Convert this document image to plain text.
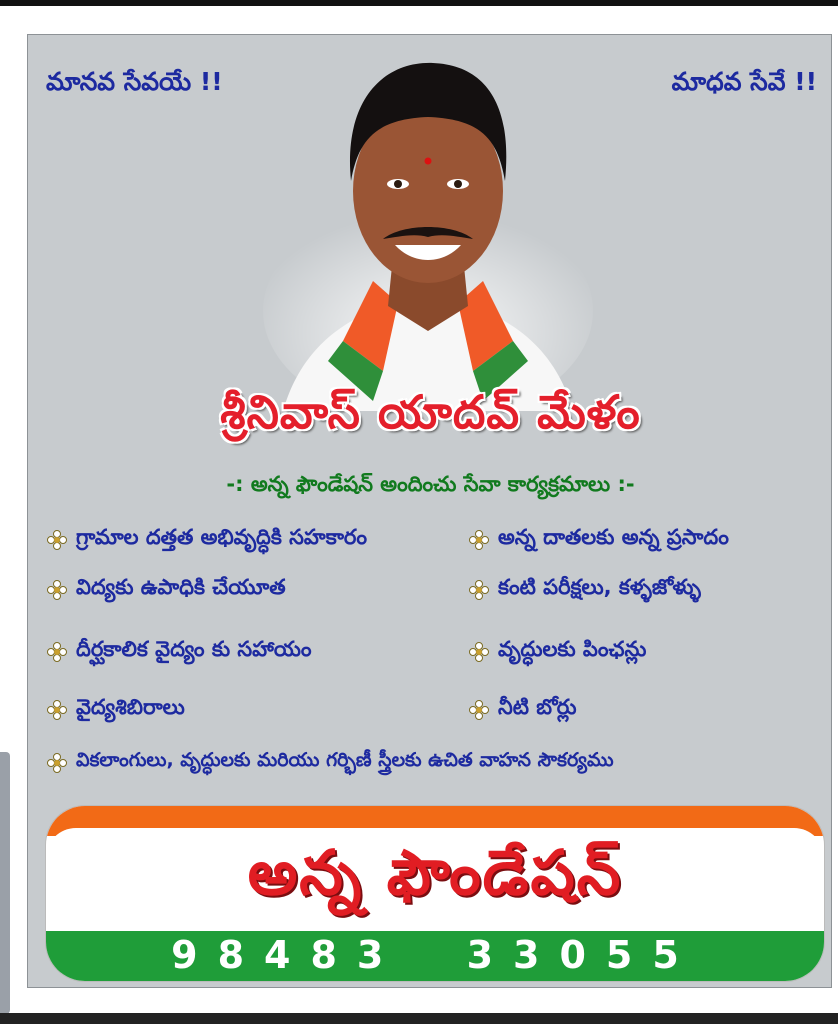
మానవ సేవయే !!	మాధవ సేవే !!
శ్రీనివాస్ యాదవ్ మేళం
-: అన్న ఫౌండేషన్ అందించు సేవా కార్యక్రమాలు :-
గ్రామాల దత్తత అభివృద్ధికి సహకారం
విద్యకు ఉపాధికి చేయూత
దీర్ఘకాలిక వైద్యం కు సహాయం
వైద్యశిబిరాలు
అన్న దాతలకు అన్న ప్రసాదం
కంటి పరీక్షలు, కళ్ళజోళ్ళు
వృద్ధులకు పింఛన్లు
నీటి బోర్లు
వికలాంగులు, వృద్ధులకు మరియు గర్భిణీ స్త్రీలకు ఉచిత వాహన సౌకర్యము
అన్న ఫౌండేషన్
98483 33055
